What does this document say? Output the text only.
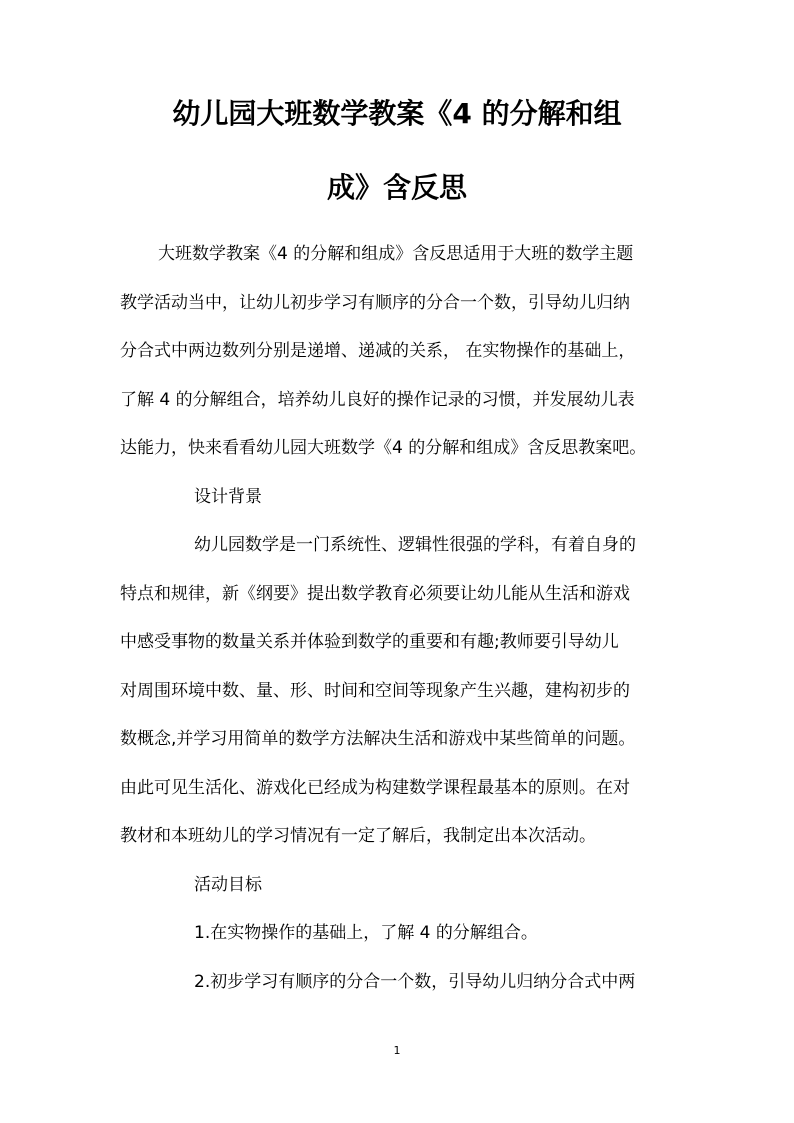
幼儿园大班数学教案《4 的分解和组
成》含反思

大班数学教案《4 的分解和组成》含反思适用于大班的数学主题

教学活动当中，让幼儿初步学习有顺序的分合一个数，引导幼儿归纳

分合式中两边数列分别是递增、递减的关系， 在实物操作的基础上，

了解 4 的分解组合，培养幼儿良好的操作记录的习惯，并发展幼儿表

达能力，快来看看幼儿园大班数学《4 的分解和组成》含反思教案吧。

设计背景

幼儿园数学是一门系统性、逻辑性很强的学科，有着自身的

特点和规律，新《纲要》提出数学教育必须要让幼儿能从生活和游戏

中感受事物的数量关系并体验到数学的重要和有趣;教师要引导幼儿

对周围环境中数、量、形、时间和空间等现象产生兴趣，建构初步的

数概念,并学习用简单的数学方法解决生活和游戏中某些简单的问题。

由此可见生活化、游戏化已经成为构建数学课程最基本的原则。在对

教材和本班幼儿的学习情况有一定了解后，我制定出本次活动。

活动目标

1.在实物操作的基础上，了解 4 的分解组合。

2.初步学习有顺序的分合一个数，引导幼儿归纳分合式中两

1
